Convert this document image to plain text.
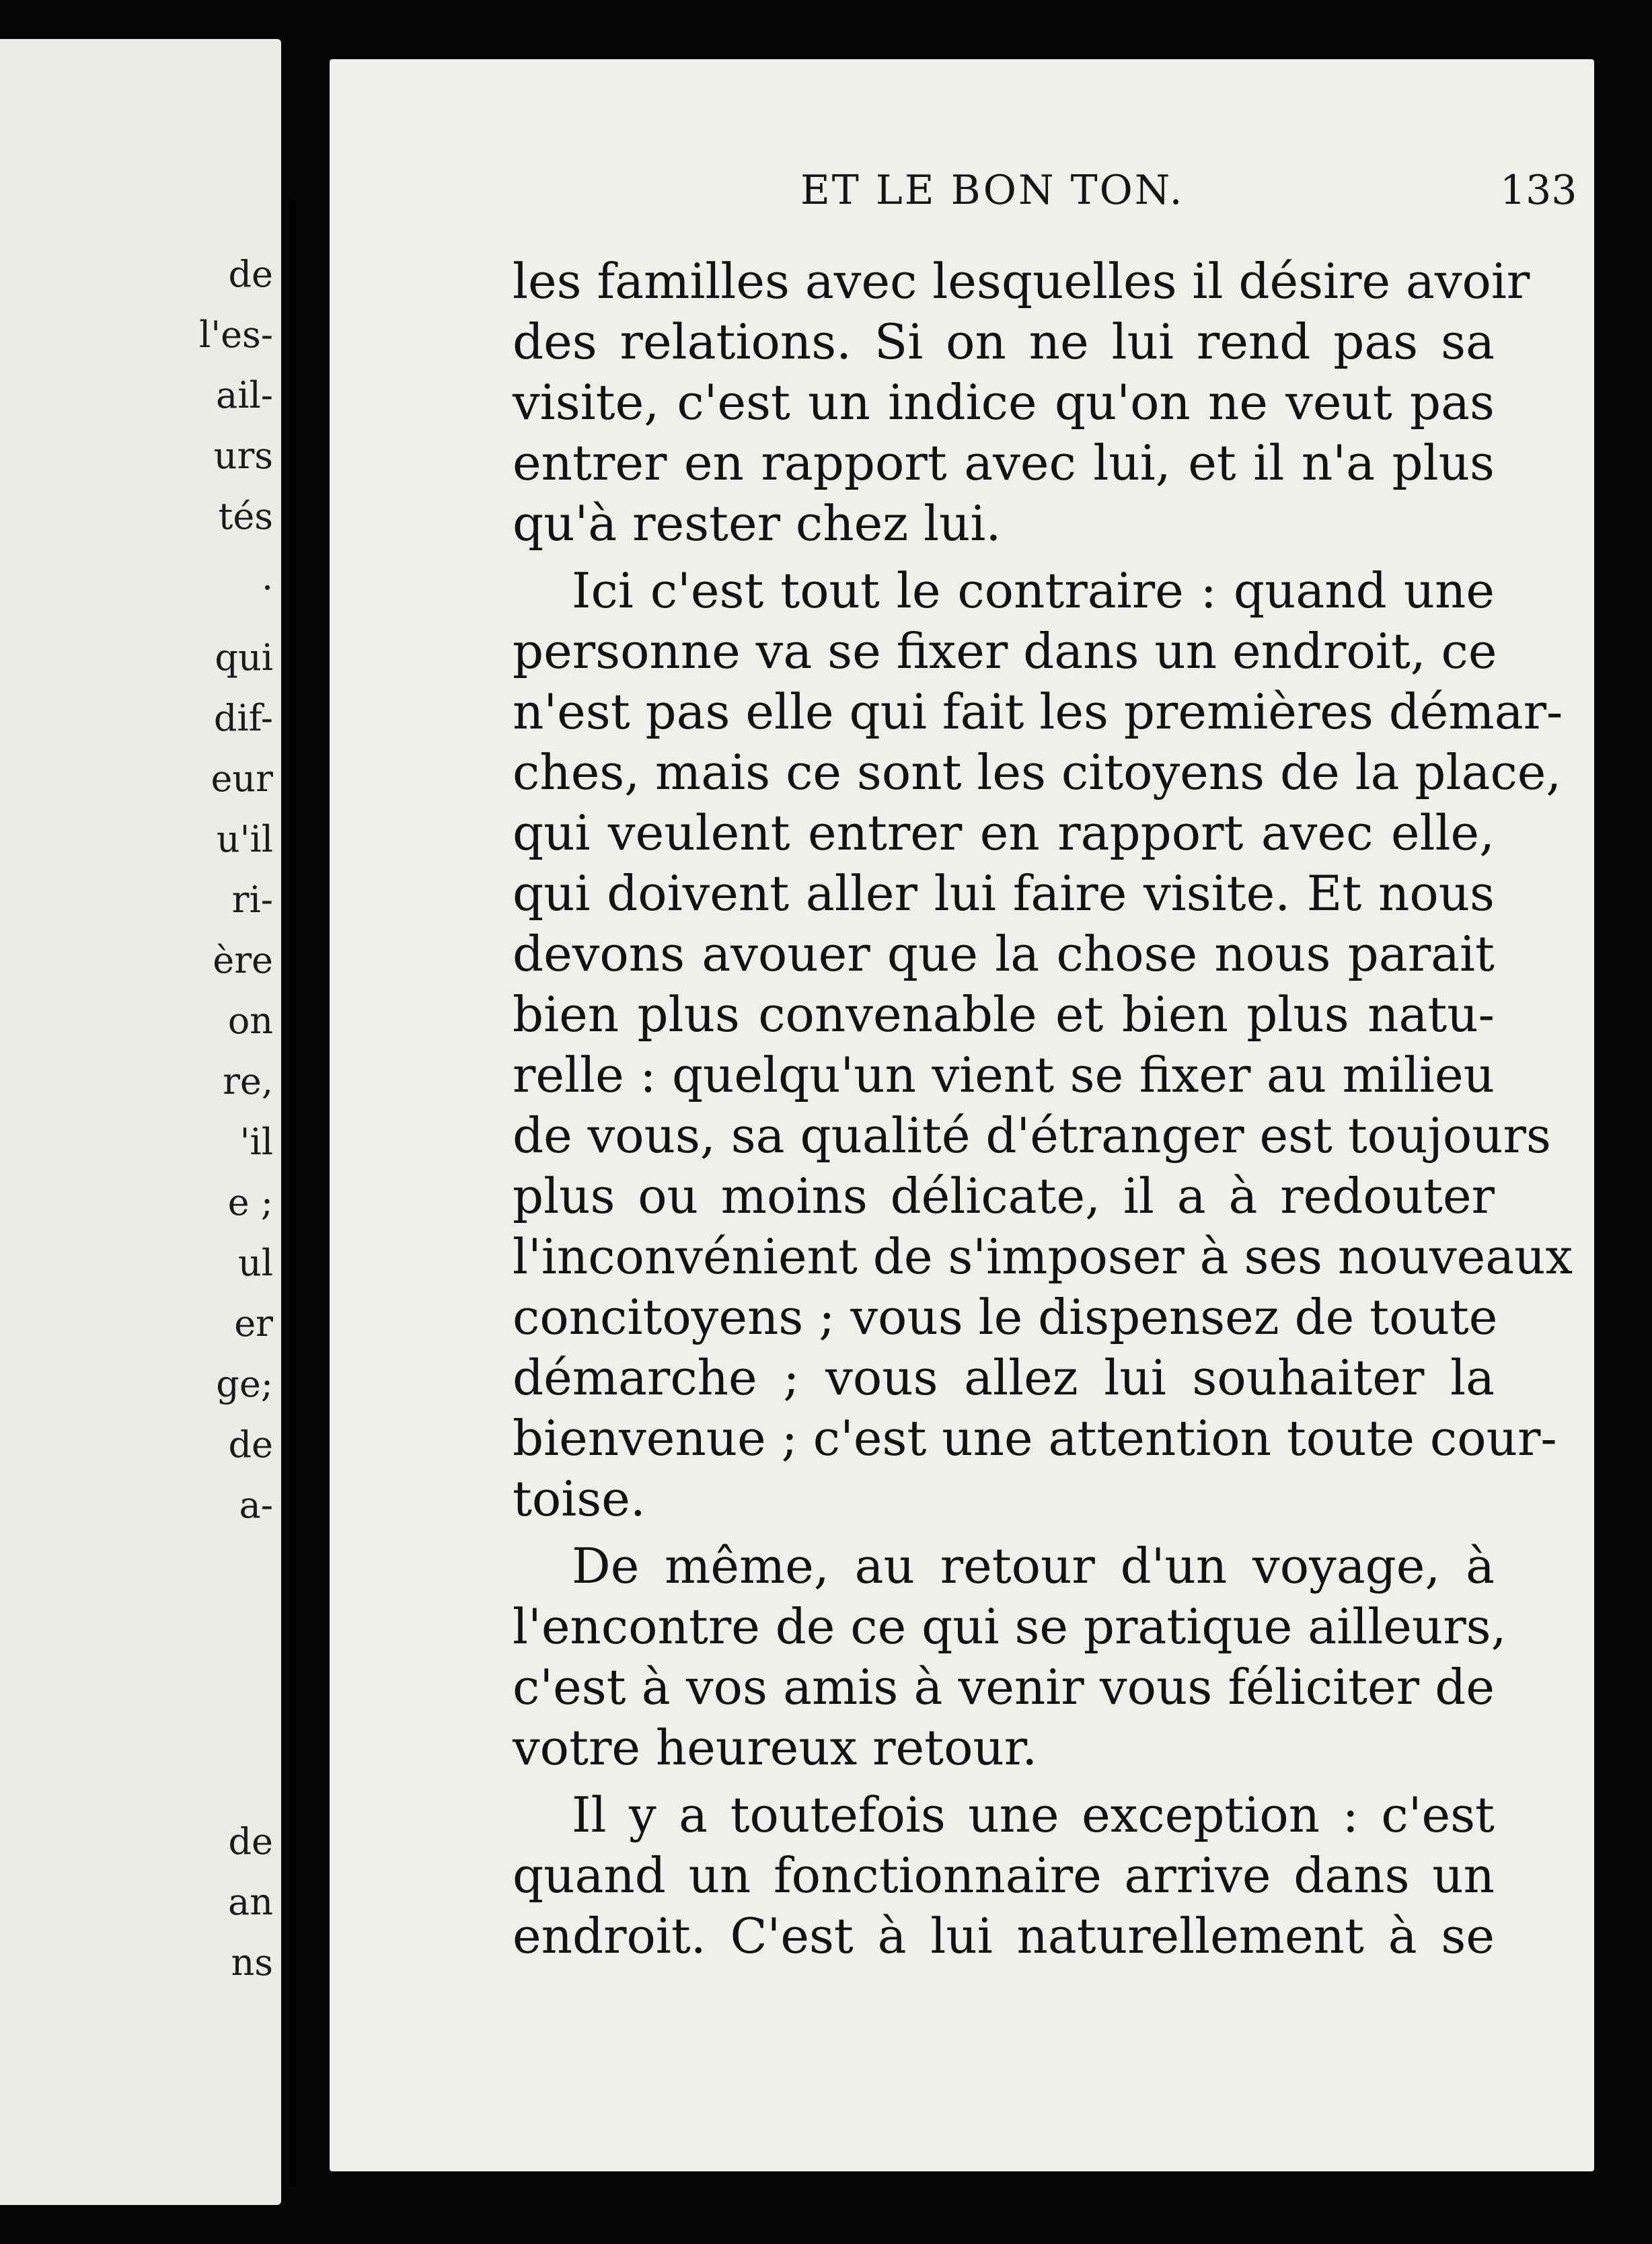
de
l'es-
ail-
urs
tés
.
qui
dif-
eur
u'il
ri-
ère
on
re,
'il
e ;
ul
er
ge;
de
a-
de
an
ns
ET LE BON TON.	133
les familles avec lesquelles il désire avoir
des relations. Si on ne lui rend pas sa
visite, c'est un indice qu'on ne veut pas
entrer en rapport avec lui, et il n'a plus
qu'à rester chez lui.
Ici c'est tout le contraire : quand une
personne va se fixer dans un endroit, ce
n'est pas elle qui fait les premières démar-
ches, mais ce sont les citoyens de la place,
qui veulent entrer en rapport avec elle,
qui doivent aller lui faire visite. Et nous
devons avouer que la chose nous parait
bien plus convenable et bien plus natu-
relle : quelqu'un vient se fixer au milieu
de vous, sa qualité d'étranger est toujours
plus ou moins délicate, il a à redouter
l'inconvénient de s'imposer à ses nouveaux
concitoyens ; vous le dispensez de toute
démarche ; vous allez lui souhaiter la
bienvenue ; c'est une attention toute cour-
toise.
De même, au retour d'un voyage, à
l'encontre de ce qui se pratique ailleurs,
c'est à vos amis à venir vous féliciter de
votre heureux retour.
Il y a toutefois une exception : c'est
quand un fonctionnaire arrive dans un
endroit. C'est à lui naturellement à se
